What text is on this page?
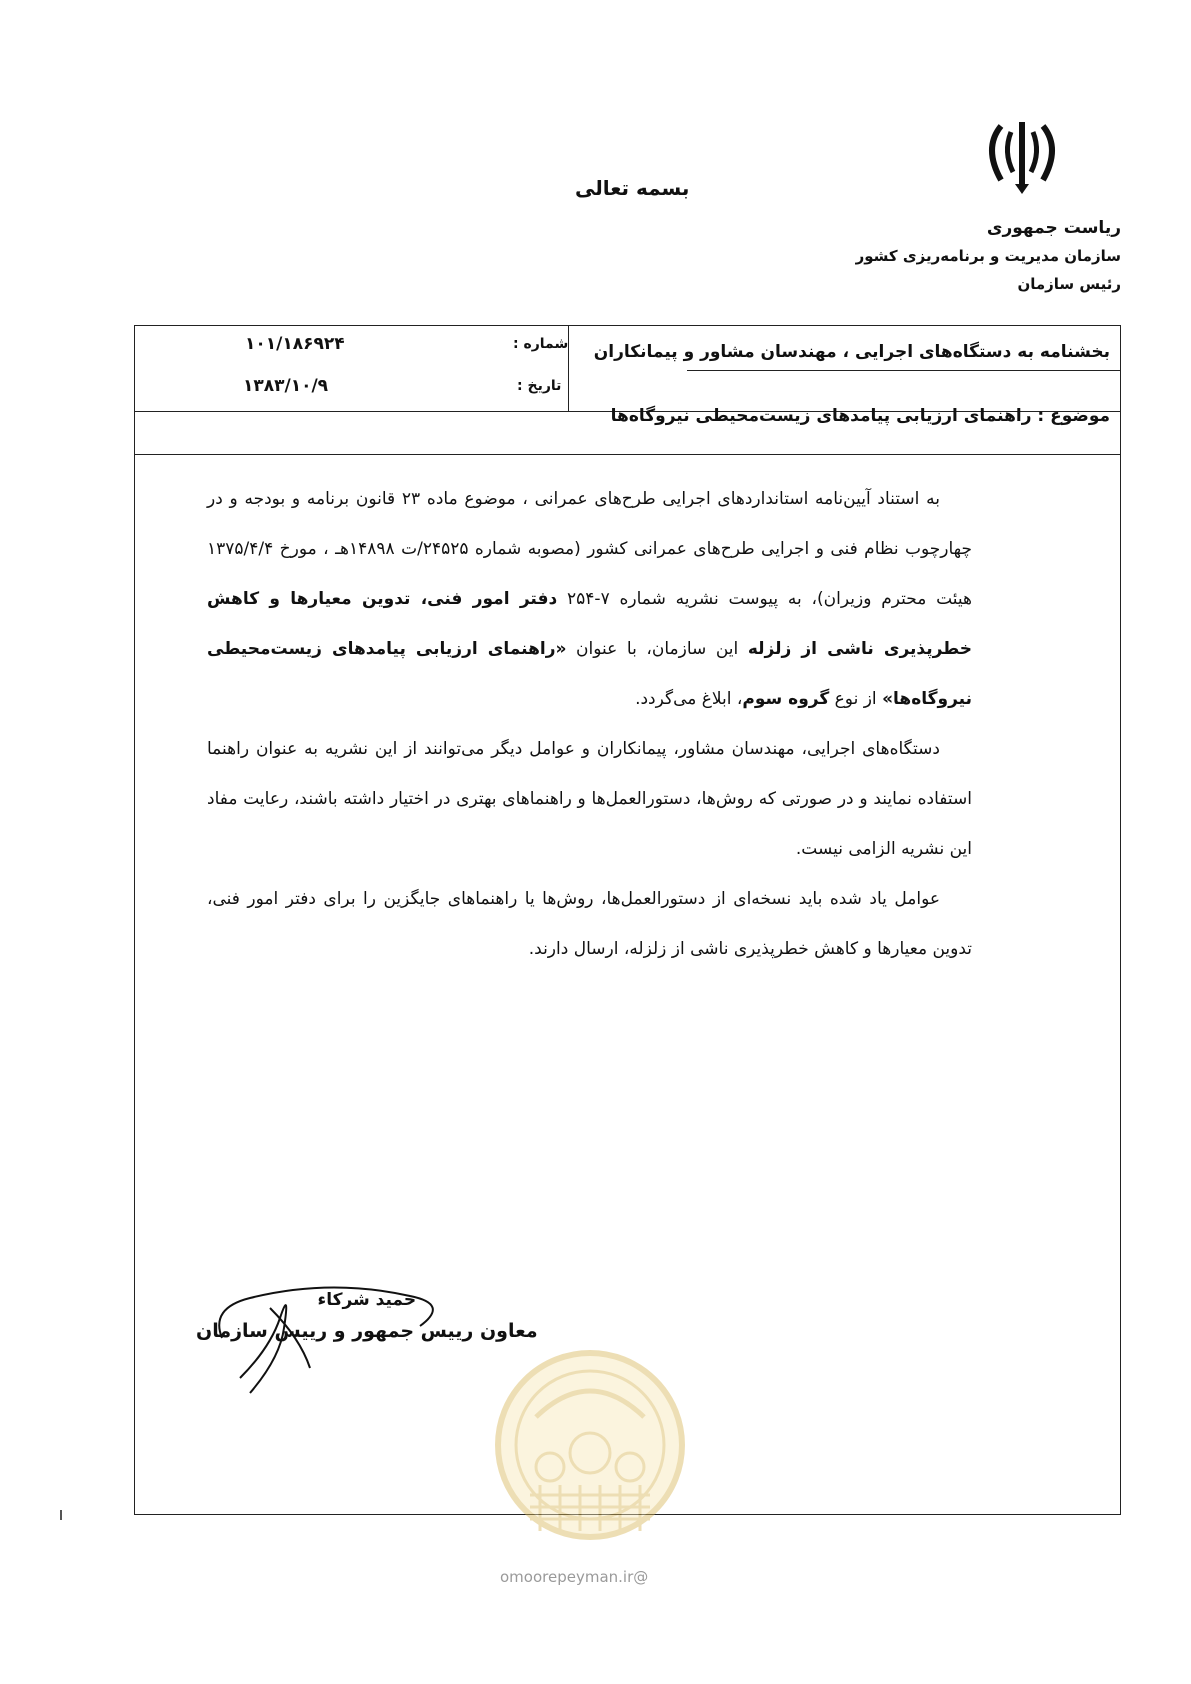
ریاست جمهوری
سازمان مدیریت و برنامه‌ریزی کشور
رئیس سازمان
بسمه تعالی
بخشنامه به دستگاه‌های اجرایی ، مهندسان مشاور و پیمانکاران
شماره :
۱۰۱/۱۸۶۹۲۴
تاریخ :
۱۳۸۳/۱۰/۹
موضوع : راهنمای ارزیابی پیامدهای زیست‌محیطی نیروگاه‌ها

به استناد آیین‌نامه استانداردهای اجرایی طرح‌های عمرانی ، موضوع ماده ۲۳ قانون برنامه و بودجه و در چهارچوب نظام فنی و اجرایی طرح‌های عمرانی کشور (مصوبه شماره ۲۴۵۲۵/ت ۱۴۸۹۸هـ ، مورخ ۱۳۷۵/۴/۴ هیئت محترم وزیران)، به پیوست نشریه شماره ۷-۲۵۴ دفتر امور فنی، تدوین معیارها و کاهش خطرپذیری ناشی از زلزله این سازمان، با عنوان «راهنمای ارزیابی پیامدهای زیست‌محیطی نیروگاه‌ها» از نوع گروه سوم، ابلاغ می‌گردد.

دستگاه‌های اجرایی، مهندسان مشاور، پیمانکاران و عوامل دیگر می‌توانند از این نشریه به عنوان راهنما استفاده نمایند و در صورتی که روش‌ها، دستورالعمل‌ها و راهنماهای بهتری در اختیار داشته باشند، رعایت مفاد این نشریه الزامی نیست.

عوامل یاد شده باید نسخه‌ای از دستورالعمل‌ها، روش‌ها یا راهنماهای جایگزین را برای دفتر امور فنی، تدوین معیارها و کاهش خطرپذیری ناشی از زلزله، ارسال دارند.

حمید شرکاء
معاون رییس جمهور و رییس سازمان
@omoorepeyman.ir
